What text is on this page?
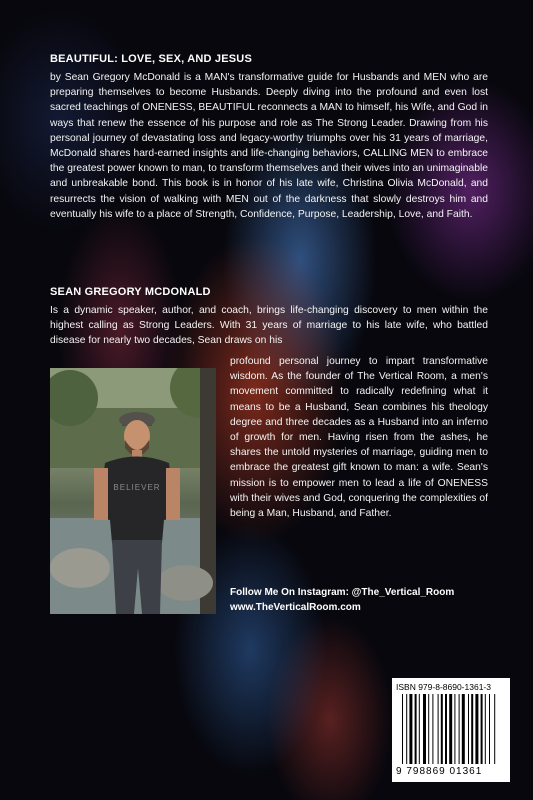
BEAUTIFUL: LOVE, SEX, AND JESUS
by Sean Gregory McDonald is a MAN's transformative guide for Husbands and MEN who are preparing themselves to become Husbands. Deeply diving into the profound and even lost sacred teachings of ONENESS, BEAUTIFUL reconnects a MAN to himself, his Wife, and God in ways that renew the essence of his purpose and role as The Strong Leader. Drawing from his personal journey of devastating loss and legacy-worthy triumphs over his 31 years of marriage, McDonald shares hard-earned insights and life-changing behaviors, CALLING MEN to embrace the greatest power known to man, to transform themselves and their wives into an unimaginable and unbreakable bond. This book is in honor of his late wife, Christina Olivia McDonald, and resurrects the vision of walking with MEN out of the darkness that slowly destroys him and eventually his wife to a place of Strength, Confidence, Purpose, Leadership, Love, and Faith.
SEAN GREGORY MCDONALD
Is a dynamic speaker, author, and coach, brings life-changing discovery to men within the highest calling as Strong Leaders. With 31 years of marriage to his late wife, who battled disease for nearly two decades, Sean draws on his
BELIEVER
profound personal journey to impart transformative wisdom. As the founder of The Vertical Room, a men's movement committed to radically redefining what it means to be a Husband, Sean combines his theology degree and three decades as a Husband into an inferno of growth for men. Having risen from the ashes, he shares the untold mysteries of marriage, guiding men to embrace the greatest gift known to man: a wife. Sean's mission is to empower men to lead a life of ONENESS with their wives and God, conquering the complexities of being a Man, Husband, and Father.
Follow Me On Instagram: @The_Vertical_Room
www.TheVerticalRoom.com
ISBN 979-8-8690-1361-3
9 798869 01361
